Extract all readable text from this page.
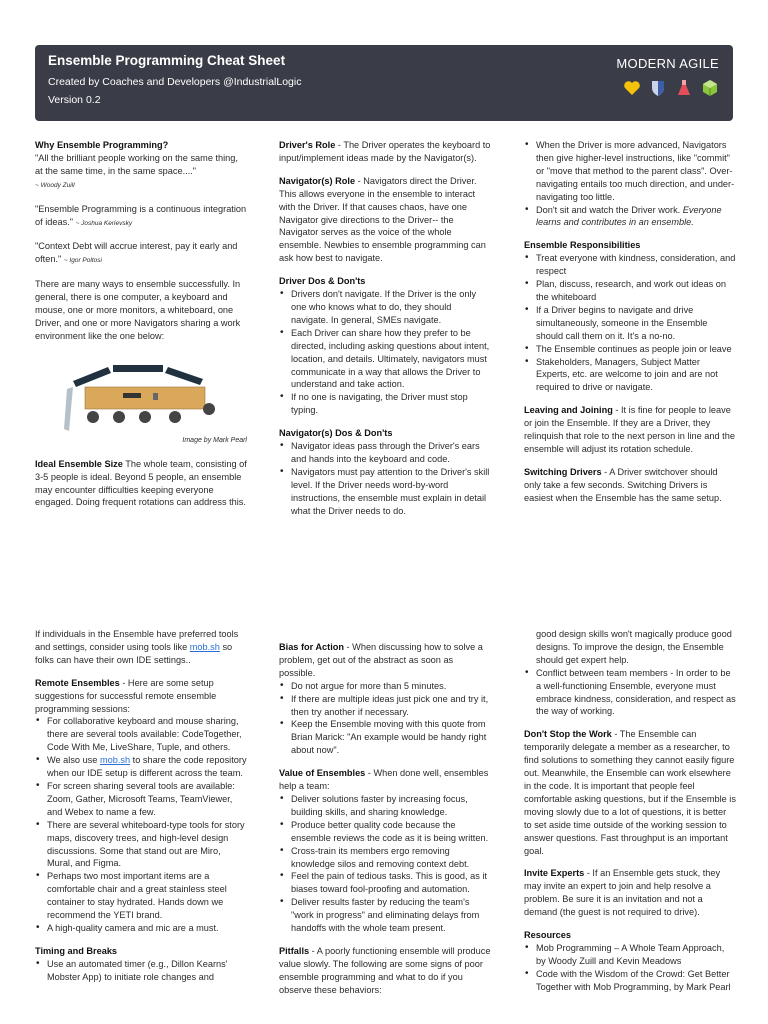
Ensemble Programming Cheat Sheet
Created by Coaches and Developers @IndustrialLogic
Version 0.2
MODERN AGILE
Why Ensemble Programming?

"All the brilliant people working on the same thing, at the same time, in the same space...."
~ Woody Zuill

"Ensemble Programming is a continuous integration of ideas." ~ Joshua Kerievsky

"Context Debt will accrue interest, pay it early and often." ~ Igor Poltosi

There are many ways to ensemble successfully. In general, there is one computer, a keyboard and mouse, one or more monitors, a whiteboard, one Driver, and one or more Navigators sharing a work environment like the one below:

Image by Mark Pearl

Ideal Ensemble Size The whole team, consisting of 3-5 people is ideal. Beyond 5 people, an ensemble may encounter difficulties keeping everyone engaged. Doing frequent rotations can address this.

Driver's Role - The Driver operates the keyboard to input/implement ideas made by the Navigator(s).

Navigator(s) Role - Navigators direct the Driver. This allows everyone in the ensemble to interact with the Driver. If that causes chaos, have one Navigator give directions to the Driver-- the Navigator serves as the voice of the whole ensemble. Newbies to ensemble programming can ask how best to navigate.

Driver Dos & Don'ts
• Drivers don't navigate. If the Driver is the only one who knows what to do, they should navigate. In general, SMEs navigate.
• Each Driver can share how they prefer to be directed, including asking questions about intent, location, and details. Ultimately, navigators must communicate in a way that allows the Driver to understand and take action.
• If no one is navigating, the Driver must stop typing.
Navigator(s) Dos & Don'ts
• Navigator ideas pass through the Driver's ears and hands into the keyboard and code.
• Navigators must pay attention to the Driver's skill level. If the Driver needs word-by-word instructions, the ensemble must explain in detail what the Driver needs to do.
• When the Driver is more advanced, Navigators then give higher-level instructions, like "commit" or "move that method to the parent class". Over-navigating entails too much direction, and under-navigating too little.
• Don't sit and watch the Driver work. Everyone learns and contributes in an ensemble.
Ensemble Responsibilities
• Treat everyone with kindness, consideration, and respect
• Plan, discuss, research, and work out ideas on the whiteboard
• If a Driver begins to navigate and drive simultaneously, someone in the Ensemble should call them on it. It's a no-no.
• The Ensemble continues as people join or leave
• Stakeholders, Managers, Subject Matter Experts, etc. are welcome to join and are not required to drive or navigate.

Leaving and Joining - It is fine for people to leave or join the Ensemble. If they are a Driver, they relinquish that role to the next person in line and the ensemble will adjust its rotation schedule.

Switching Drivers - A Driver switchover should only take a few seconds. Switching Drivers is easiest when the Ensemble has the same setup.

If individuals in the Ensemble have preferred tools and settings, consider using tools like mob.sh so folks can have their own IDE settings..

Remote Ensembles - Here are some setup suggestions for successful remote ensemble programming sessions:
• For collaborative keyboard and mouse sharing, there are several tools available: CodeTogether, Code With Me, LiveShare, Tuple, and others.
• We also use mob.sh to share the code repository when our IDE setup is different across the team.
• For screen sharing several tools are available: Zoom, Gather, Microsoft Teams, TeamViewer, and Webex to name a few.
• There are several whiteboard-type tools for story maps, discovery trees, and high-level design discussions. Some that stand out are Miro, Mural, and Figma.
• Perhaps two most important items are a comfortable chair and a great stainless steel container to stay hydrated. Hands down we recommend the YETI brand.
• A high-quality camera and mic are a must.
Timing and Breaks
• Use an automated timer (e.g., Dillon Kearns' Mobster App) to initiate role changes and
Bias for Action - When discussing how to solve a problem, get out of the abstract as soon as possible.
• Do not argue for more than 5 minutes.
• If there are multiple ideas just pick one and try it, then try another if necessary.
• Keep the Ensemble moving with this quote from Brian Marick: "An example would be handy right about now".
Value of Ensembles - When done well, ensembles help a team:
• Deliver solutions faster by increasing focus, building skills, and sharing knowledge.
• Produce better quality code because the ensemble reviews the code as it is being written.
• Cross-train its members ergo removing knowledge silos and removing context debt.
• Feel the pain of tedious tasks. This is good, as it biases toward fool-proofing and automation.
• Deliver results faster by reducing the team's "work in progress" and eliminating delays from handoffs with the whole team present.

Pitfalls - A poorly functioning ensemble will produce value slowly. The following are some signs of poor ensemble programming and what to do if you observe these behaviors:

good design skills won't magically produce good designs. To improve the design, the Ensemble should get expert help.
• Conflict between team members - In order to be a well-functioning Ensemble, everyone must embrace kindness, consideration, and respect as the way of working.

Don't Stop the Work - The Ensemble can temporarily delegate a member as a researcher, to find solutions to something they cannot easily figure out. Meanwhile, the Ensemble can work elsewhere in the code. It is important that people feel comfortable asking questions, but if the Ensemble is moving slowly due to a lot of questions, it is better to set aside time outside of the working session to answer questions. Fast throughput is an important goal.

Invite Experts - If an Ensemble gets stuck, they may invite an expert to join and help resolve a problem. Be sure it is an invitation and not a demand (the guest is not required to drive).

Resources
• Mob Programming – A Whole Team Approach, by Woody Zuill and Kevin Meadows
• Code with the Wisdom of the Crowd: Get Better Together with Mob Programming, by Mark Pearl
